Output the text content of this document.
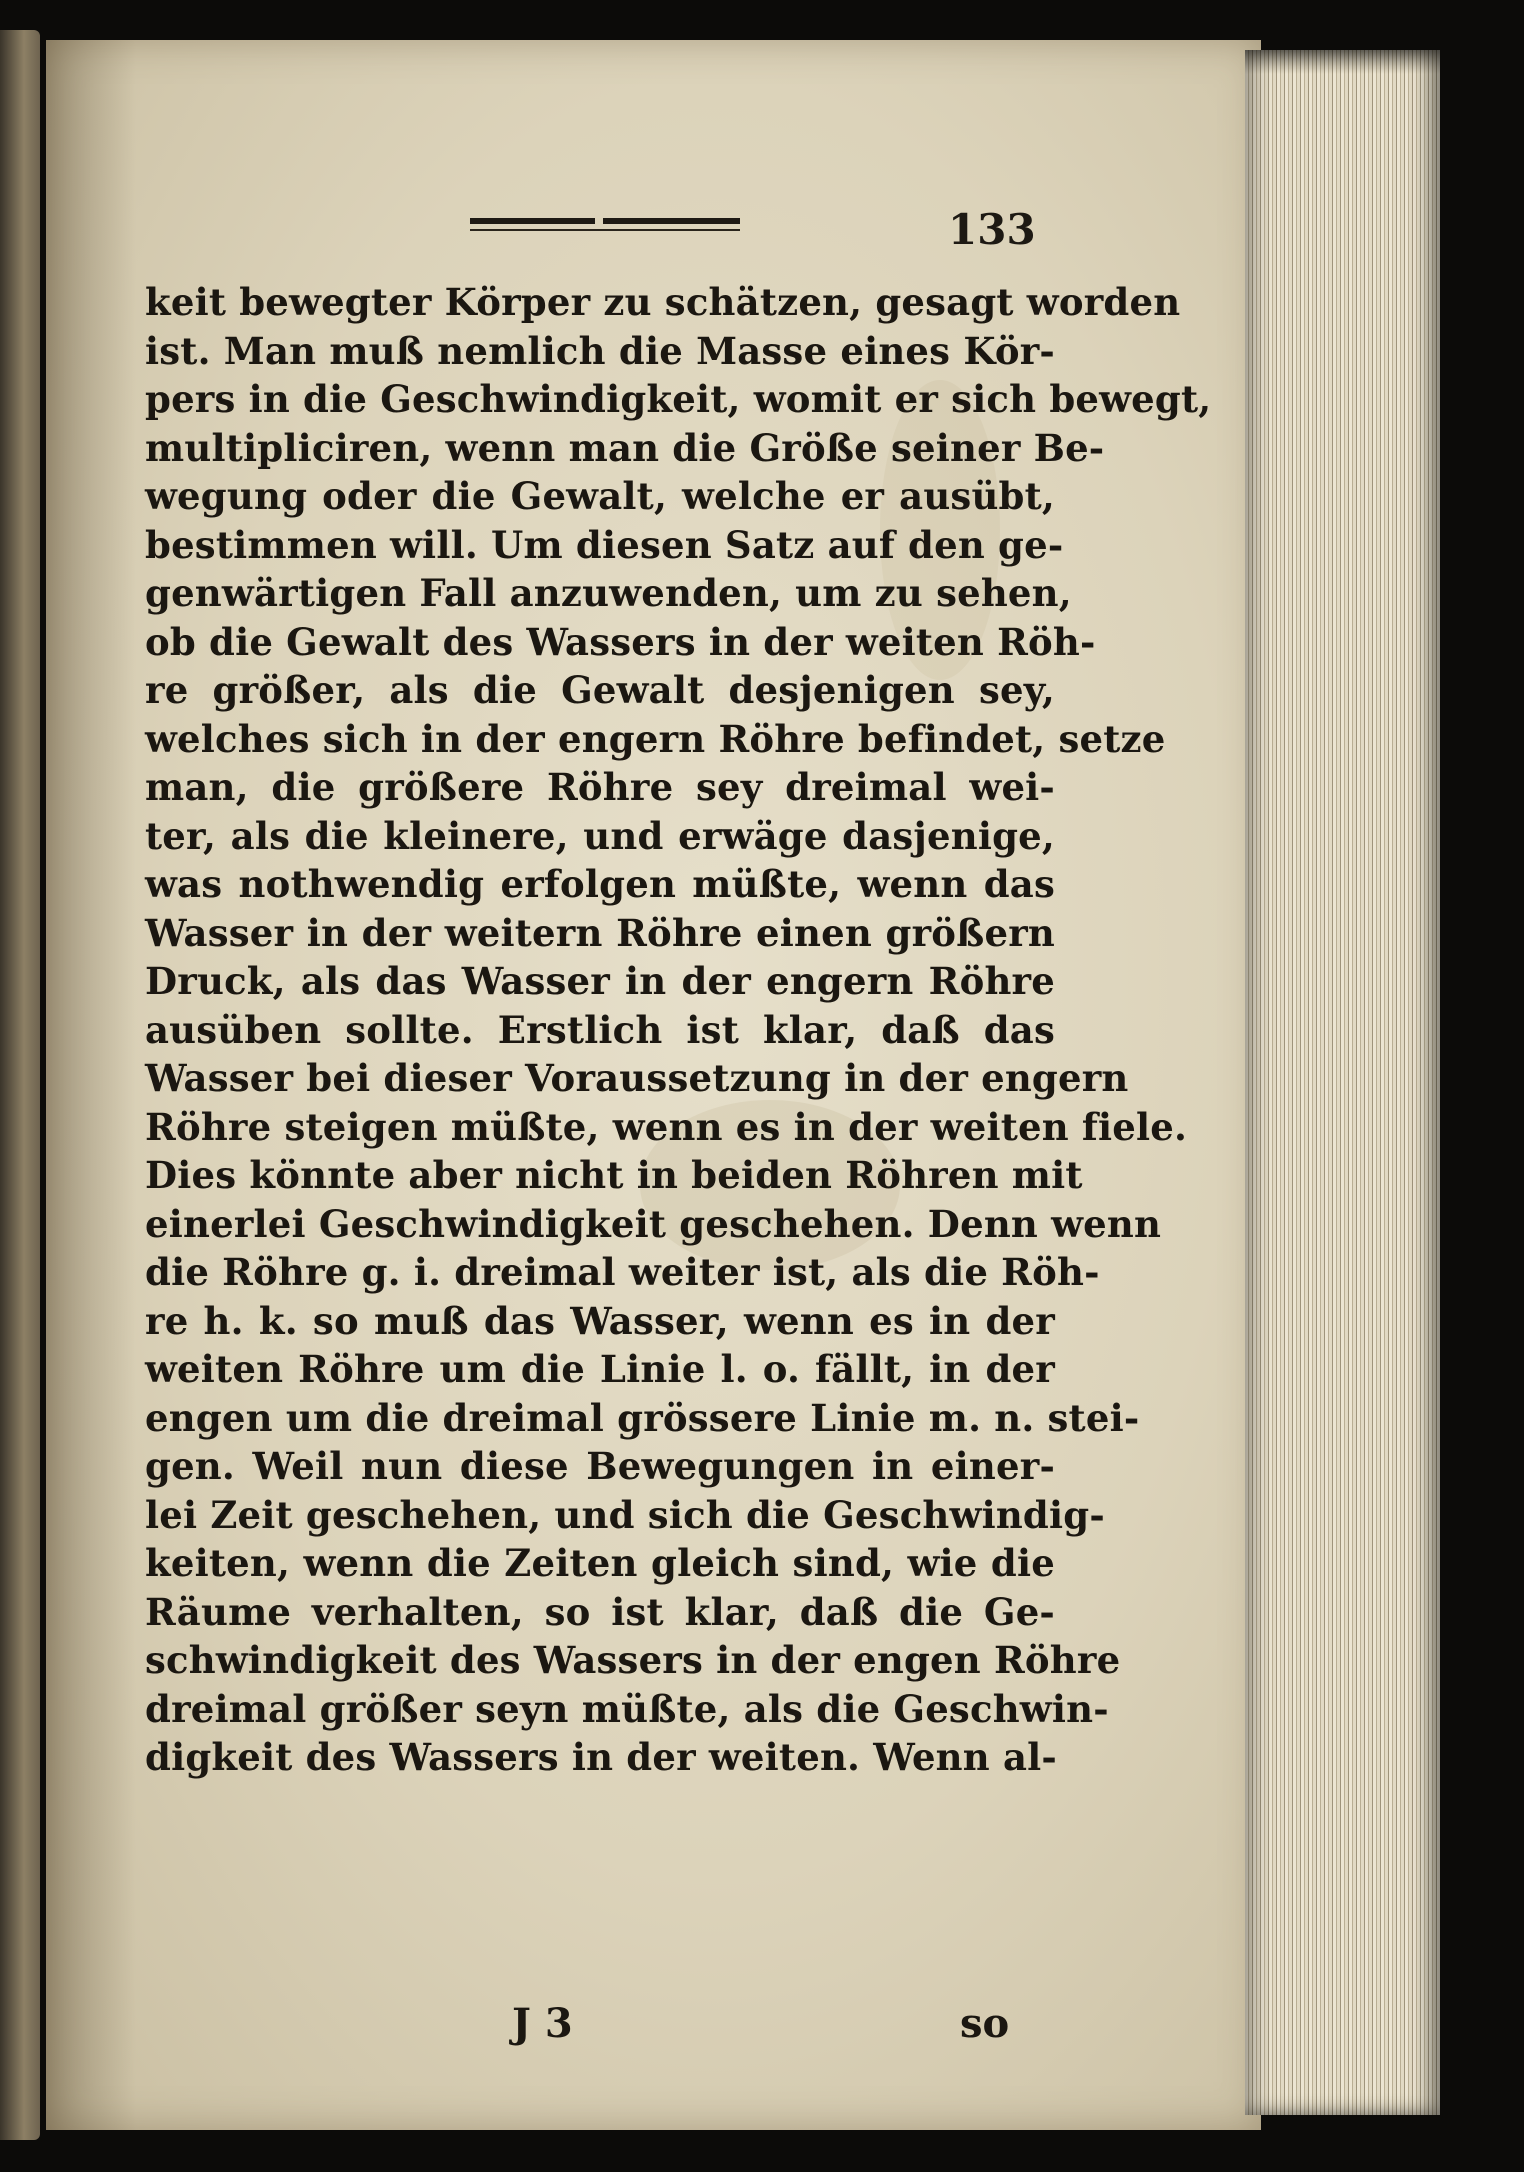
133
keit bewegter Körper zu schätzen, gesagt worden
ist. Man muß nemlich die Masse eines Kör-
pers in die Geschwindigkeit, womit er sich bewegt,
multipliciren, wenn man die Größe seiner Be-
wegung oder die Gewalt, welche er ausübt,
bestimmen will. Um diesen Satz auf den ge-
genwärtigen Fall anzuwenden, um zu sehen,
ob die Gewalt des Wassers in der weiten Röh-
re größer, als die Gewalt desjenigen sey,
welches sich in der engern Röhre befindet, setze
man, die größere Röhre sey dreimal wei-
ter, als die kleinere, und erwäge dasjenige,
was nothwendig erfolgen müßte, wenn das
Wasser in der weitern Röhre einen größern
Druck, als das Wasser in der engern Röhre
ausüben sollte. Erstlich ist klar, daß das
Wasser bei dieser Voraussetzung in der engern
Röhre steigen müßte, wenn es in der weiten fiele.
Dies könnte aber nicht in beiden Röhren mit
einerlei Geschwindigkeit geschehen. Denn wenn
die Röhre g. i. dreimal weiter ist, als die Röh-
re h. k. so muß das Wasser, wenn es in der
weiten Röhre um die Linie l. o. fällt, in der
engen um die dreimal grössere Linie m. n. stei-
gen. Weil nun diese Bewegungen in einer-
lei Zeit geschehen, und sich die Geschwindig-
keiten, wenn die Zeiten gleich sind, wie die
Räume verhalten, so ist klar, daß die Ge-
schwindigkeit des Wassers in der engen Röhre
dreimal größer seyn müßte, als die Geschwin-
digkeit des Wassers in der weiten. Wenn al-
J 3	so
